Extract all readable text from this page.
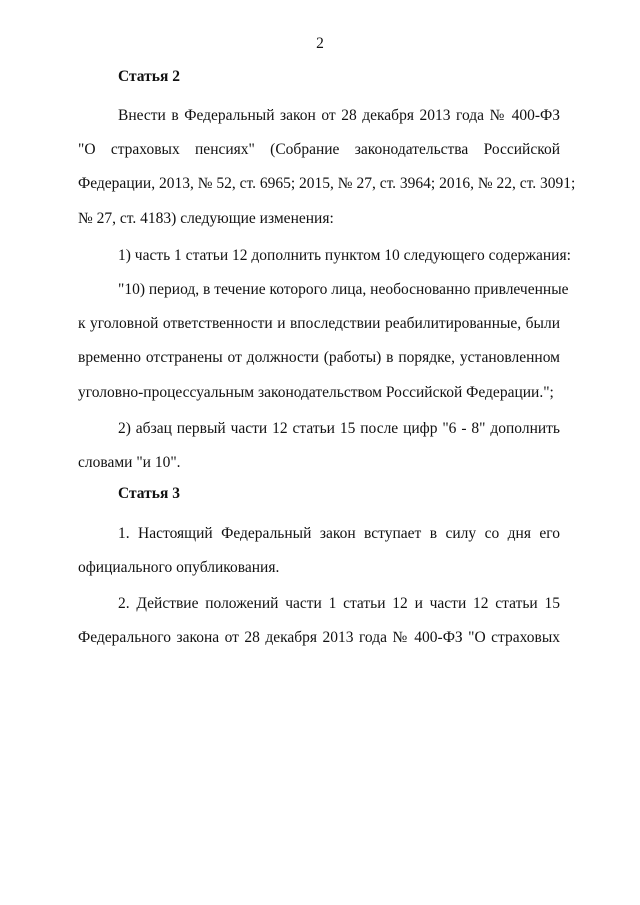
2
Статья 2
Внести в Федеральный закон от 28 декабря 2013 года № 400-ФЗ
"О страховых пенсиях" (Собрание законодательства Российской
Федерации, 2013, № 52, ст. 6965; 2015, № 27, ст. 3964; 2016, № 22, ст. 3091;
№ 27, ст. 4183) следующие изменения:
1) часть 1 статьи 12 дополнить пунктом 10 следующего содержания:
"10) период, в течение которого лица, необоснованно привлеченные
к уголовной ответственности и впоследствии реабилитированные, были
временно отстранены от должности (работы) в порядке, установленном
уголовно-процессуальным законодательством Российской Федерации.";
2) абзац первый части 12 статьи 15 после цифр "6 - 8" дополнить
словами "и 10".
Статья 3
1. Настоящий Федеральный закон вступает в силу со дня его
официального опубликования.
2. Действие положений части 1 статьи 12 и части 12 статьи 15
Федерального закона от 28 декабря 2013 года № 400-ФЗ "О страховых
